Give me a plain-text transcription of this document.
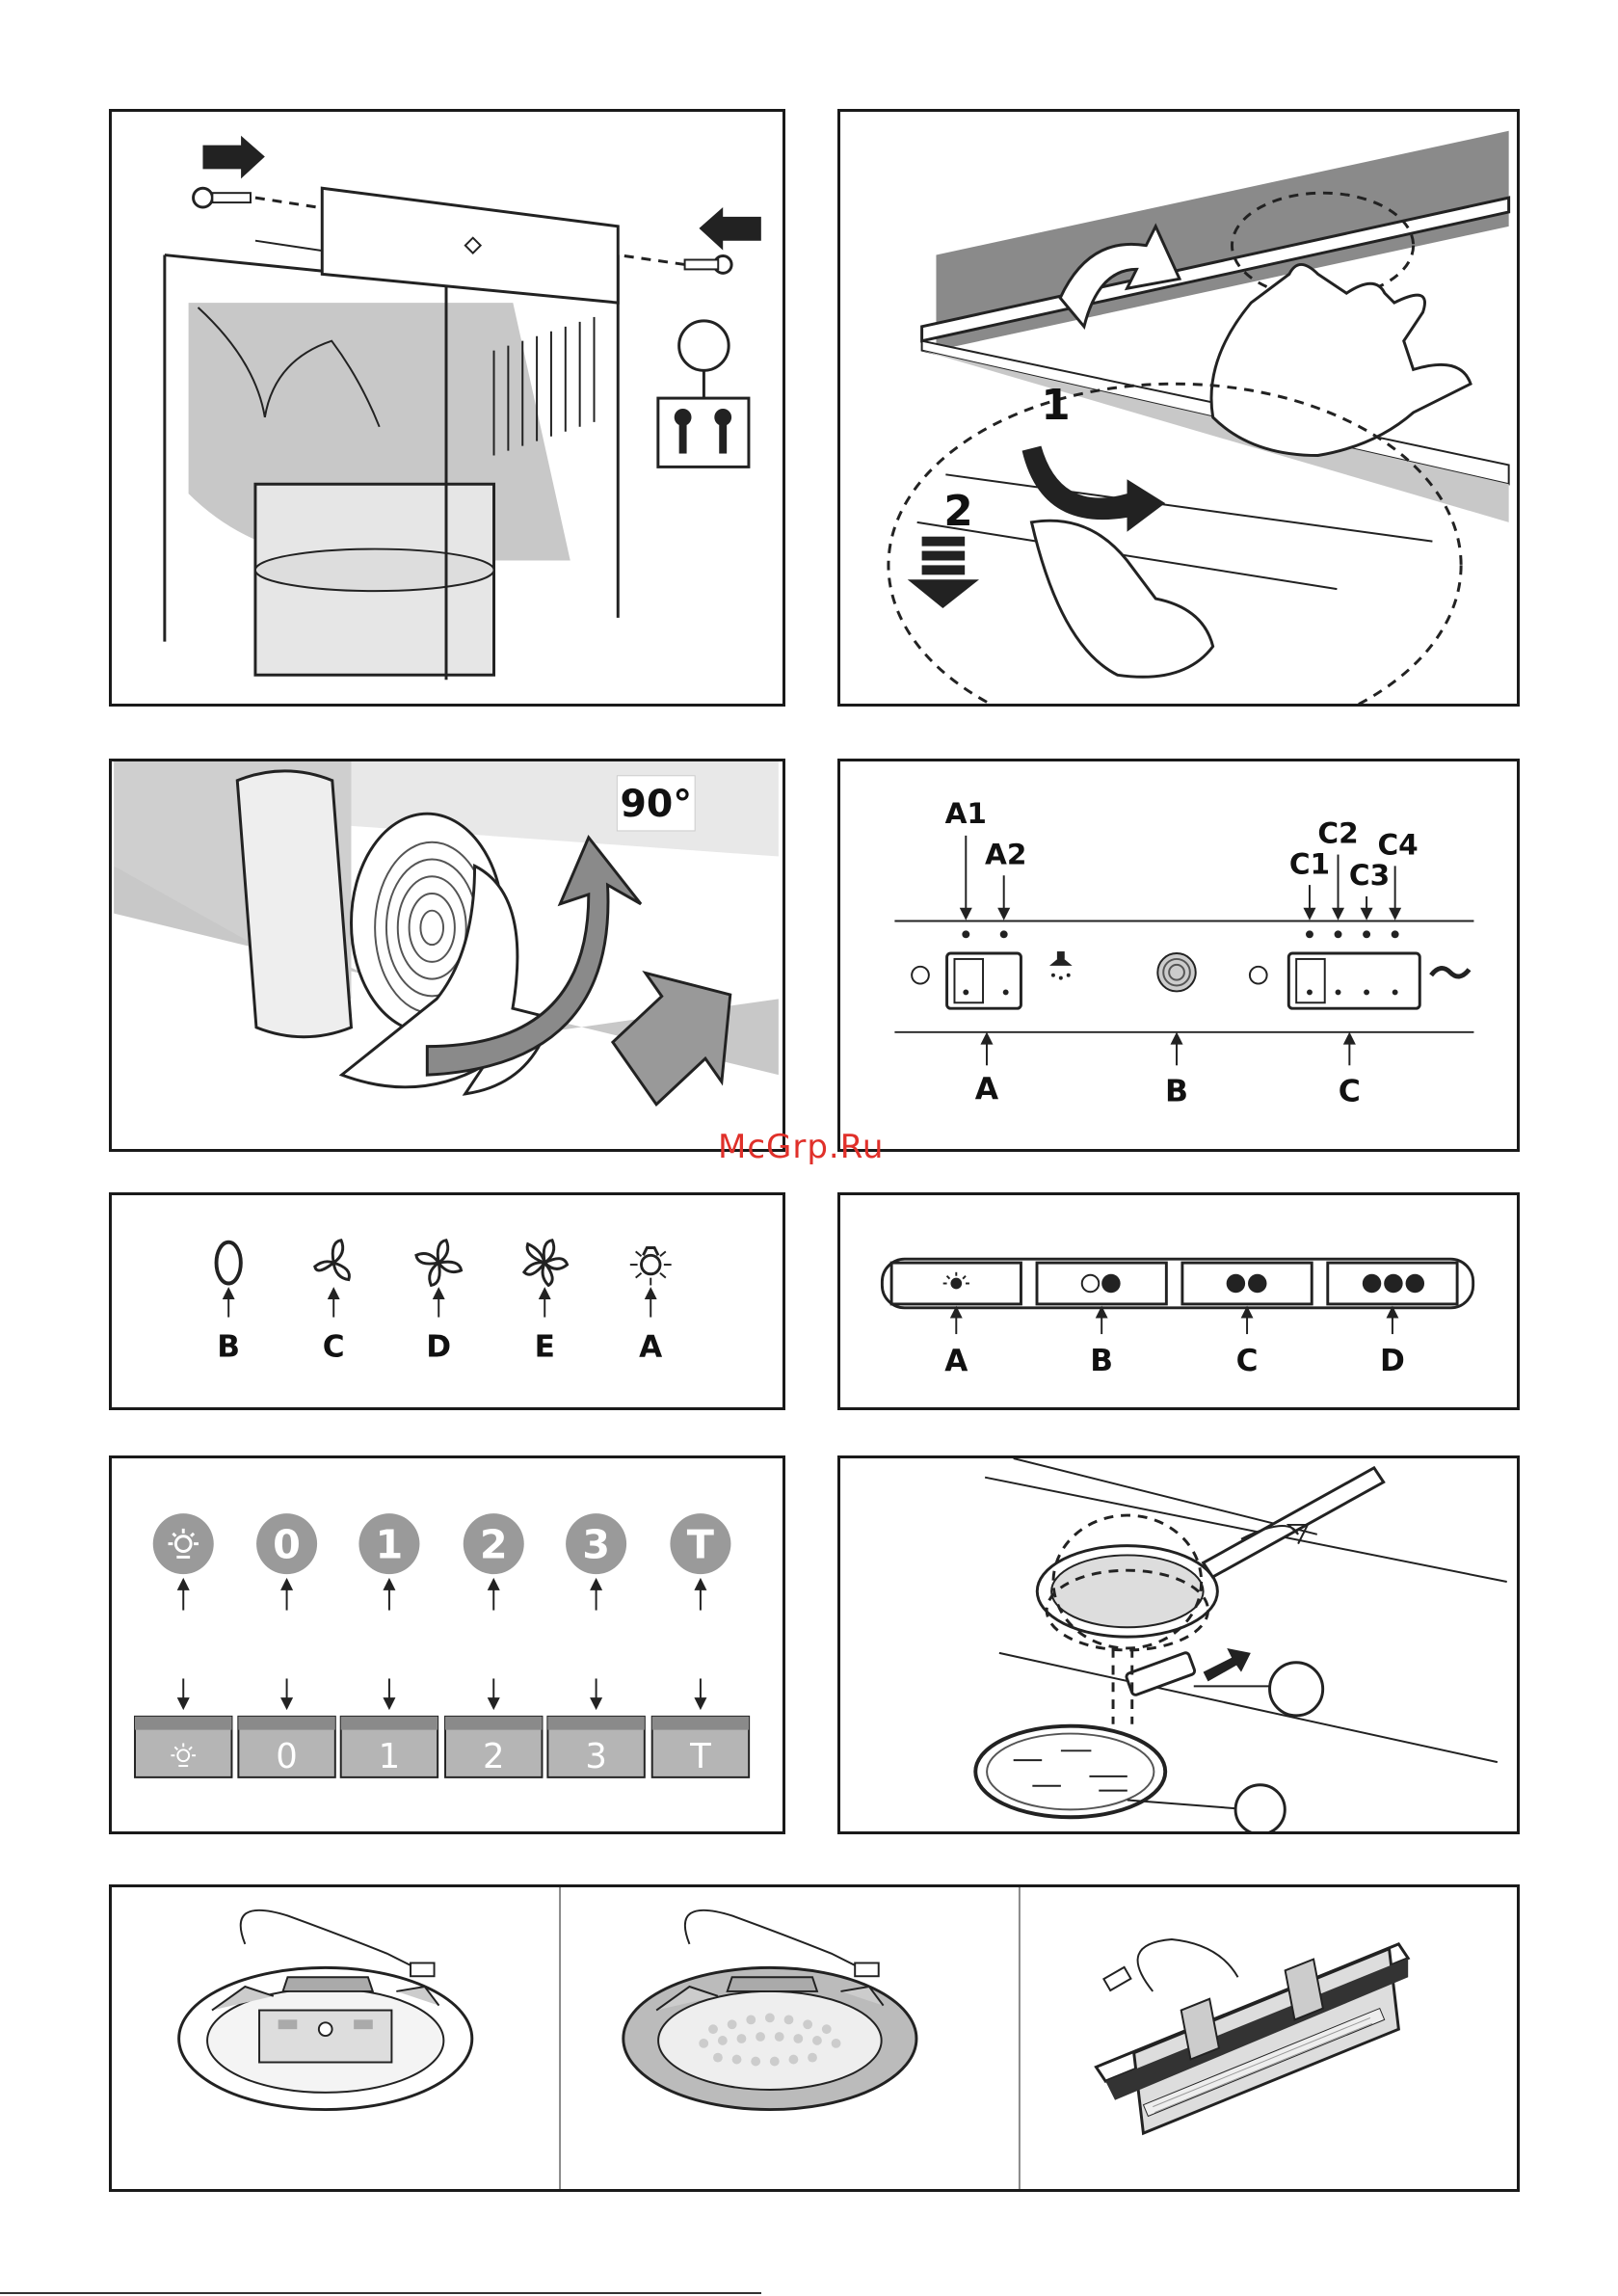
1
2
90°	A1
A2
C2
C1 C3
C4
A	B	C
McGrp.Ru
B	C	D	E	A	A	B	C	D
0 1 2 3 T
0 1 2 3 T
